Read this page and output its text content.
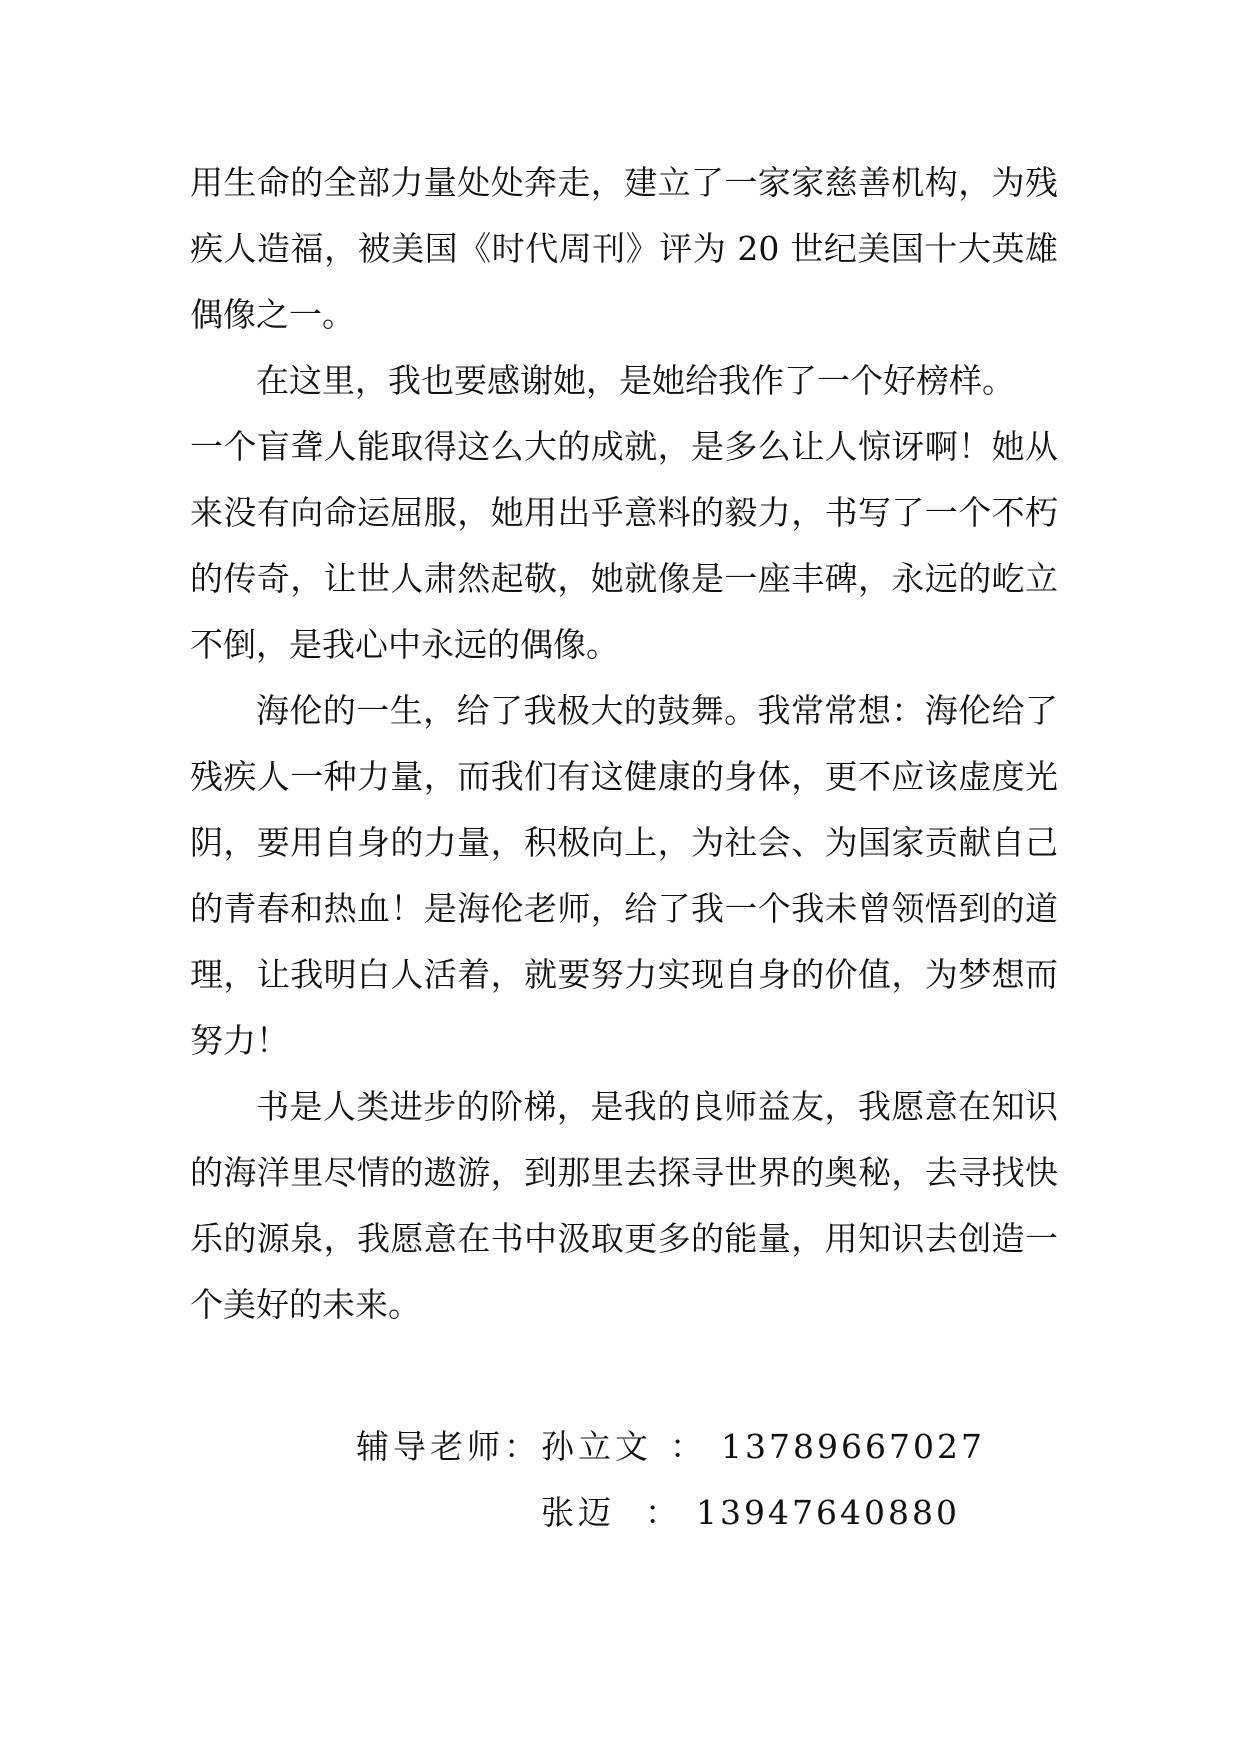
用生命的全部力量处处奔走，建立了一家家慈善机构，为残
疾人造福，被美国《时代周刊》评为 20 世纪美国十大英雄
偶像之一。
在这里，我也要感谢她，是她给我作了一个好榜样。
一个盲聋人能取得这么大的成就，是多么让人惊讶啊！她从
来没有向命运屈服，她用出乎意料的毅力，书写了一个不朽
的传奇，让世人肃然起敬，她就像是一座丰碑，永远的屹立
不倒，是我心中永远的偶像。
海伦的一生，给了我极大的鼓舞。我常常想：海伦给了
残疾人一种力量，而我们有这健康的身体，更不应该虚度光
阴，要用自身的力量，积极向上，为社会、为国家贡献自己
的青春和热血！是海伦老师，给了我一个我未曾领悟到的道
理，让我明白人活着，就要努力实现自身的价值，为梦想而
努力！
书是人类进步的阶梯，是我的良师益友，我愿意在知识
的海洋里尽情的遨游，到那里去探寻世界的奥秘，去寻找快
乐的源泉，我愿意在书中汲取更多的能量，用知识去创造一
个美好的未来。
辅导老师：孙立文 ： 13789667027
张迈 ： 13947640880
